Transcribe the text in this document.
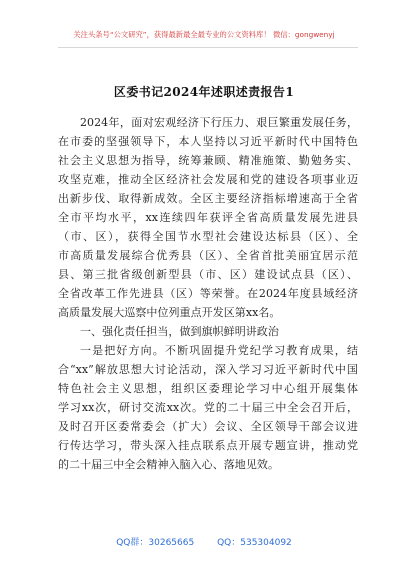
关注头条号“公文研究”，获得最新最全最专业的公文资料库！ 微信：gongwenyj
区委书记2024年述职述责报告1
2024年，面对宏观经济下行压力、艰巨繁重发展任务，
在市委的坚强领导下，本人坚持以习近平新时代中国特色
社会主义思想为指导，统筹兼顾、精准施策、勤勉务实、
攻坚克难，推动全区经济社会发展和党的建设各项事业迈
出新步伐、取得新成效。全区主要经济指标增速高于全省
全市平均水平，xx连续四年获评全省高质量发展先进县
（市、区），获得全国节水型社会建设达标县（区）、全
市高质量发展综合优秀县（区）、全省首批美丽宜居示范
县、第三批省级创新型县（市、区）建设试点县（区）、
全省改革工作先进县（区）等荣誉。在2024年度县域经济
高质量发展大巡察中位列重点开发区第xx名。
一、强化责任担当，做到旗帜鲜明讲政治
一是把好方向。不断巩固提升党纪学习教育成果，结
合“xx”解放思想大讨论活动，深入学习习近平新时代中国
特色社会主义思想，组织区委理论学习中心组开展集体
学习xx次，研讨交流xx次。党的二十届三中全会召开后，
及时召开区委常委会（扩大）会议、全区领导干部会议进
行传达学习，带头深入挂点联系点开展专题宣讲，推动党
的二十届三中全会精神入脑入心、落地见效。
QQ群：30265665	QQ：535304092
